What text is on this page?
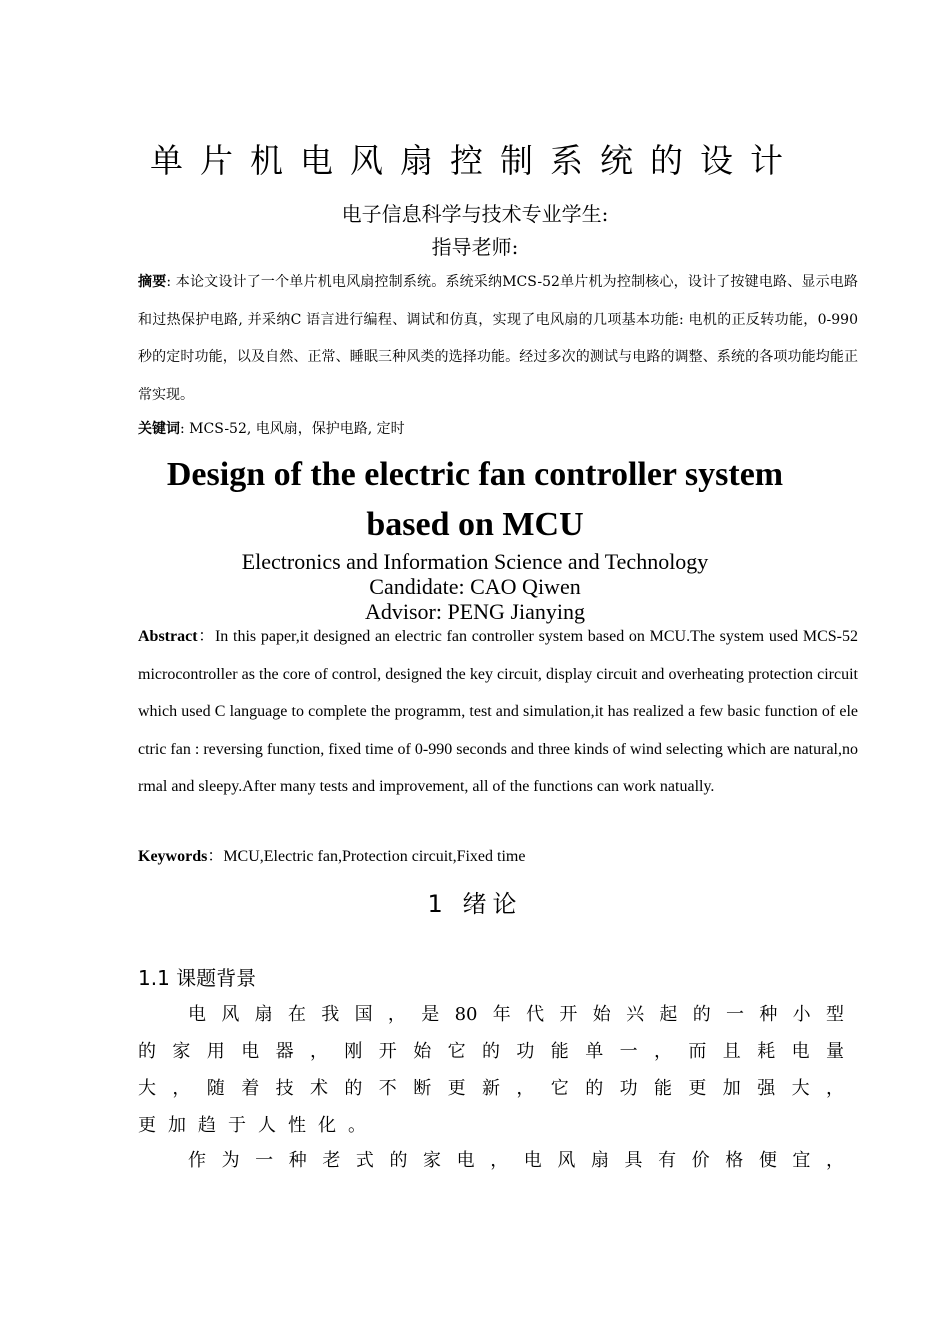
单片机电风扇控制系统的设计
电子信息科学与技术专业学生:
指导老师:
摘要: 本论文设计了一个单片机电风扇控制系统。系统采纳MCS-52单片机为控制核心，设计了按键电路、显示电路和过热保护电路, 并采纳C 语言进行编程、调试和仿真，实现了电风扇的几项基本功能: 电机的正反转功能，0-990 秒的定时功能，以及自然、正常、睡眠三种风类的选择功能。经过多次的测试与电路的调整、系统的各项功能均能正常实现。
关键词: MCS-52, 电风扇，保护电路, 定时
Design of the electric fan controller system
based on MCU
Electronics and Information Science and Technology
Candidate: CAO Qiwen
Advisor: PENG Jianying
Abstract：In this paper,it designed an electric fan controller system based on MCU.The system used MCS-52 microcontroller as the core of control, designed the key circuit, display circuit and overheating protection circuit which used C language to complete the programm, test and simulation,it has realized a few basic function of electric fan : reversing function, fixed time of 0-990 seconds and three kinds of wind selecting which are natural,normal and sleepy.After many tests and improvement, all of the functions can work natually.
Keywords：MCU,Electric fan,Protection circuit,Fixed time
1 绪论
1.1 课题背景
电风扇在我国，是80年代开始兴起的一种小型
的家用电器，刚开始它的功能单一，而且耗电量
大，随着技术的不断更新，它的功能更加强大，
更加趋于人性化。
作为一种老式的家电，电风扇具有价格便宜，
